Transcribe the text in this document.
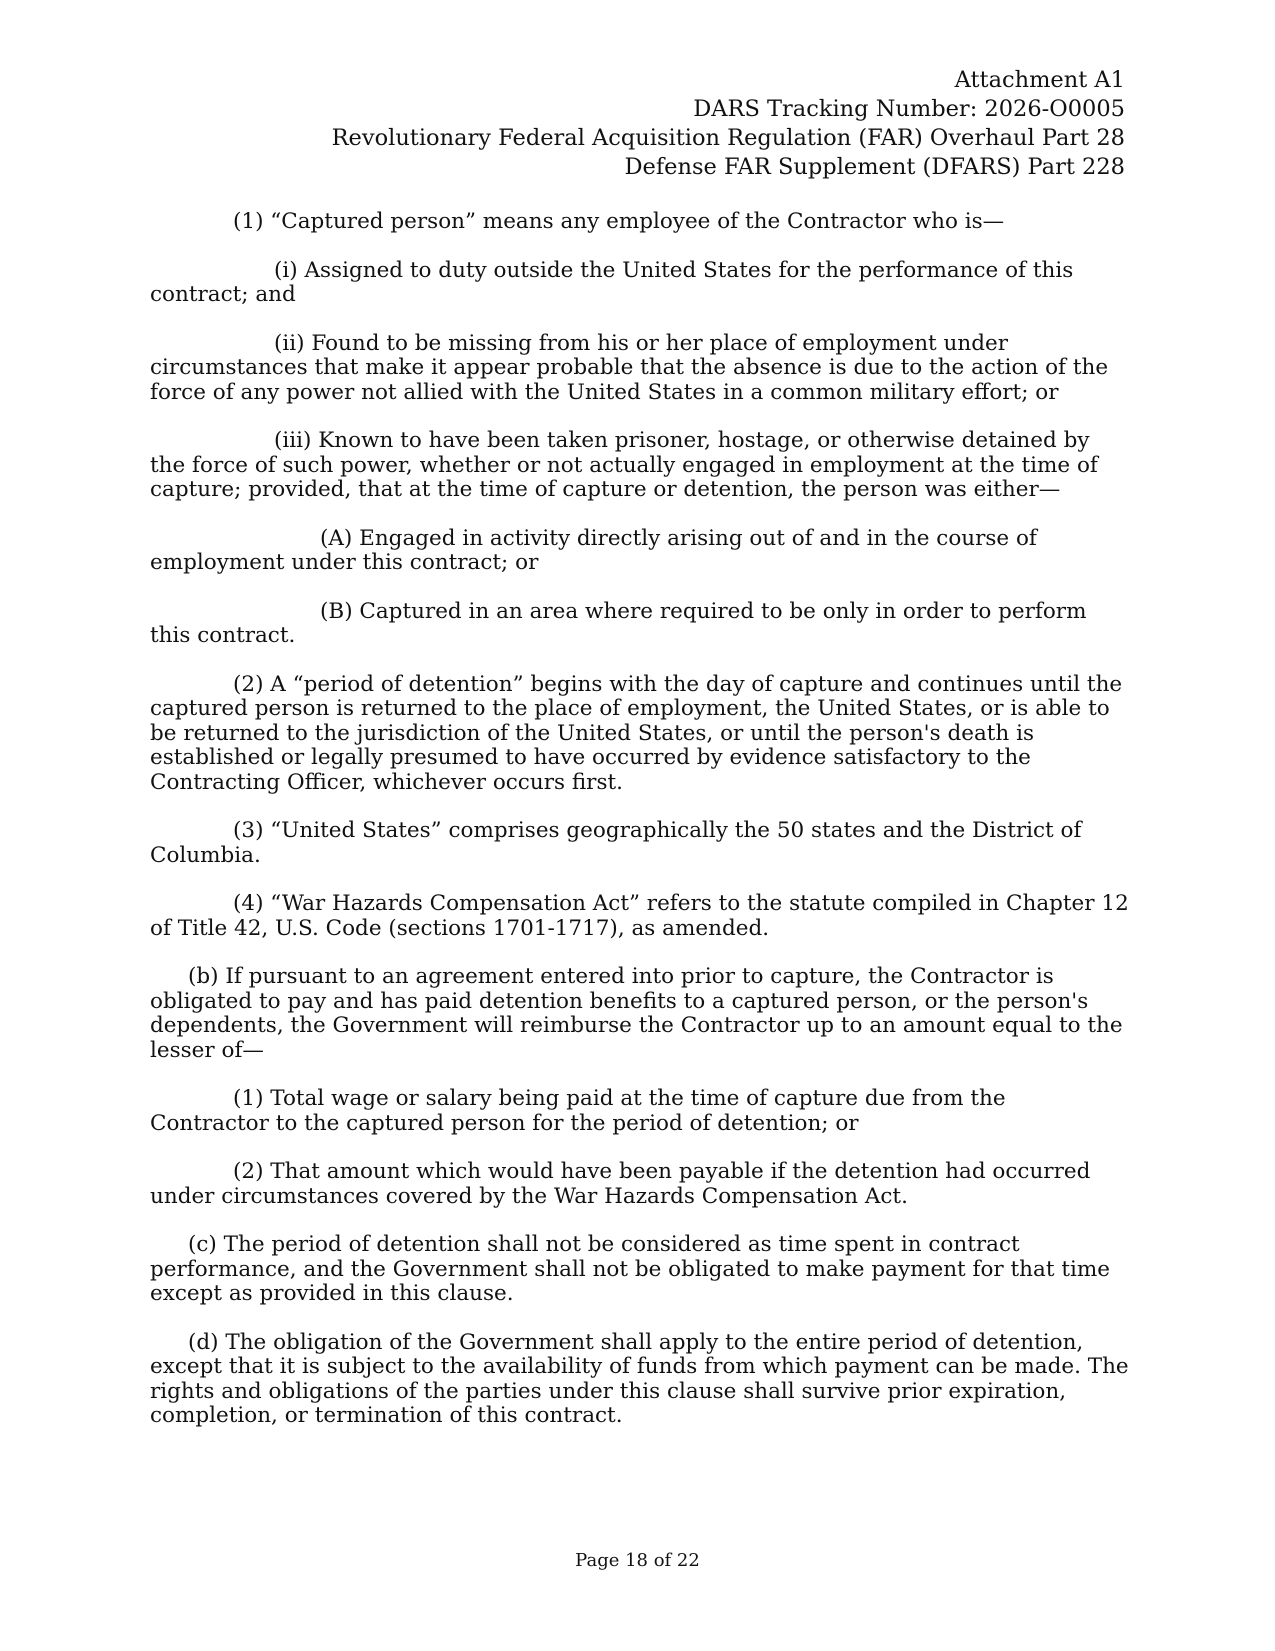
Attachment A1
DARS Tracking Number: 2026-O0005
Revolutionary Federal Acquisition Regulation (FAR) Overhaul Part 28
Defense FAR Supplement (DFARS) Part 228

(1) “Captured person” means any employee of the Contractor who is—

(i) Assigned to duty outside the United States for the performance of this contract; and

(ii) Found to be missing from his or her place of employment under circumstances that make it appear probable that the absence is due to the action of the force of any power not allied with the United States in a common military effort; or

(iii) Known to have been taken prisoner, hostage, or otherwise detained by the force of such power, whether or not actually engaged in employment at the time of capture; provided, that at the time of capture or detention, the person was either—

(A) Engaged in activity directly arising out of and in the course of employment under this contract; or

(B) Captured in an area where required to be only in order to perform this contract.

(2) A “period of detention” begins with the day of capture and continues until the captured person is returned to the place of employment, the United States, or is able to be returned to the jurisdiction of the United States, or until the person's death is established or legally presumed to have occurred by evidence satisfactory to the Contracting Officer, whichever occurs first.

(3) “United States” comprises geographically the 50 states and the District of Columbia.

(4) “War Hazards Compensation Act” refers to the statute compiled in Chapter 12 of Title 42, U.S. Code (sections 1701-1717), as amended.

(b) If pursuant to an agreement entered into prior to capture, the Contractor is obligated to pay and has paid detention benefits to a captured person, or the person's dependents, the Government will reimburse the Contractor up to an amount equal to the lesser of—

(1) Total wage or salary being paid at the time of capture due from the Contractor to the captured person for the period of detention; or

(2) That amount which would have been payable if the detention had occurred under circumstances covered by the War Hazards Compensation Act.

(c) The period of detention shall not be considered as time spent in contract performance, and the Government shall not be obligated to make payment for that time except as provided in this clause.

(d) The obligation of the Government shall apply to the entire period of detention, except that it is subject to the availability of funds from which payment can be made. The rights and obligations of the parties under this clause shall survive prior expiration, completion, or termination of this contract.

Page 18 of 22
